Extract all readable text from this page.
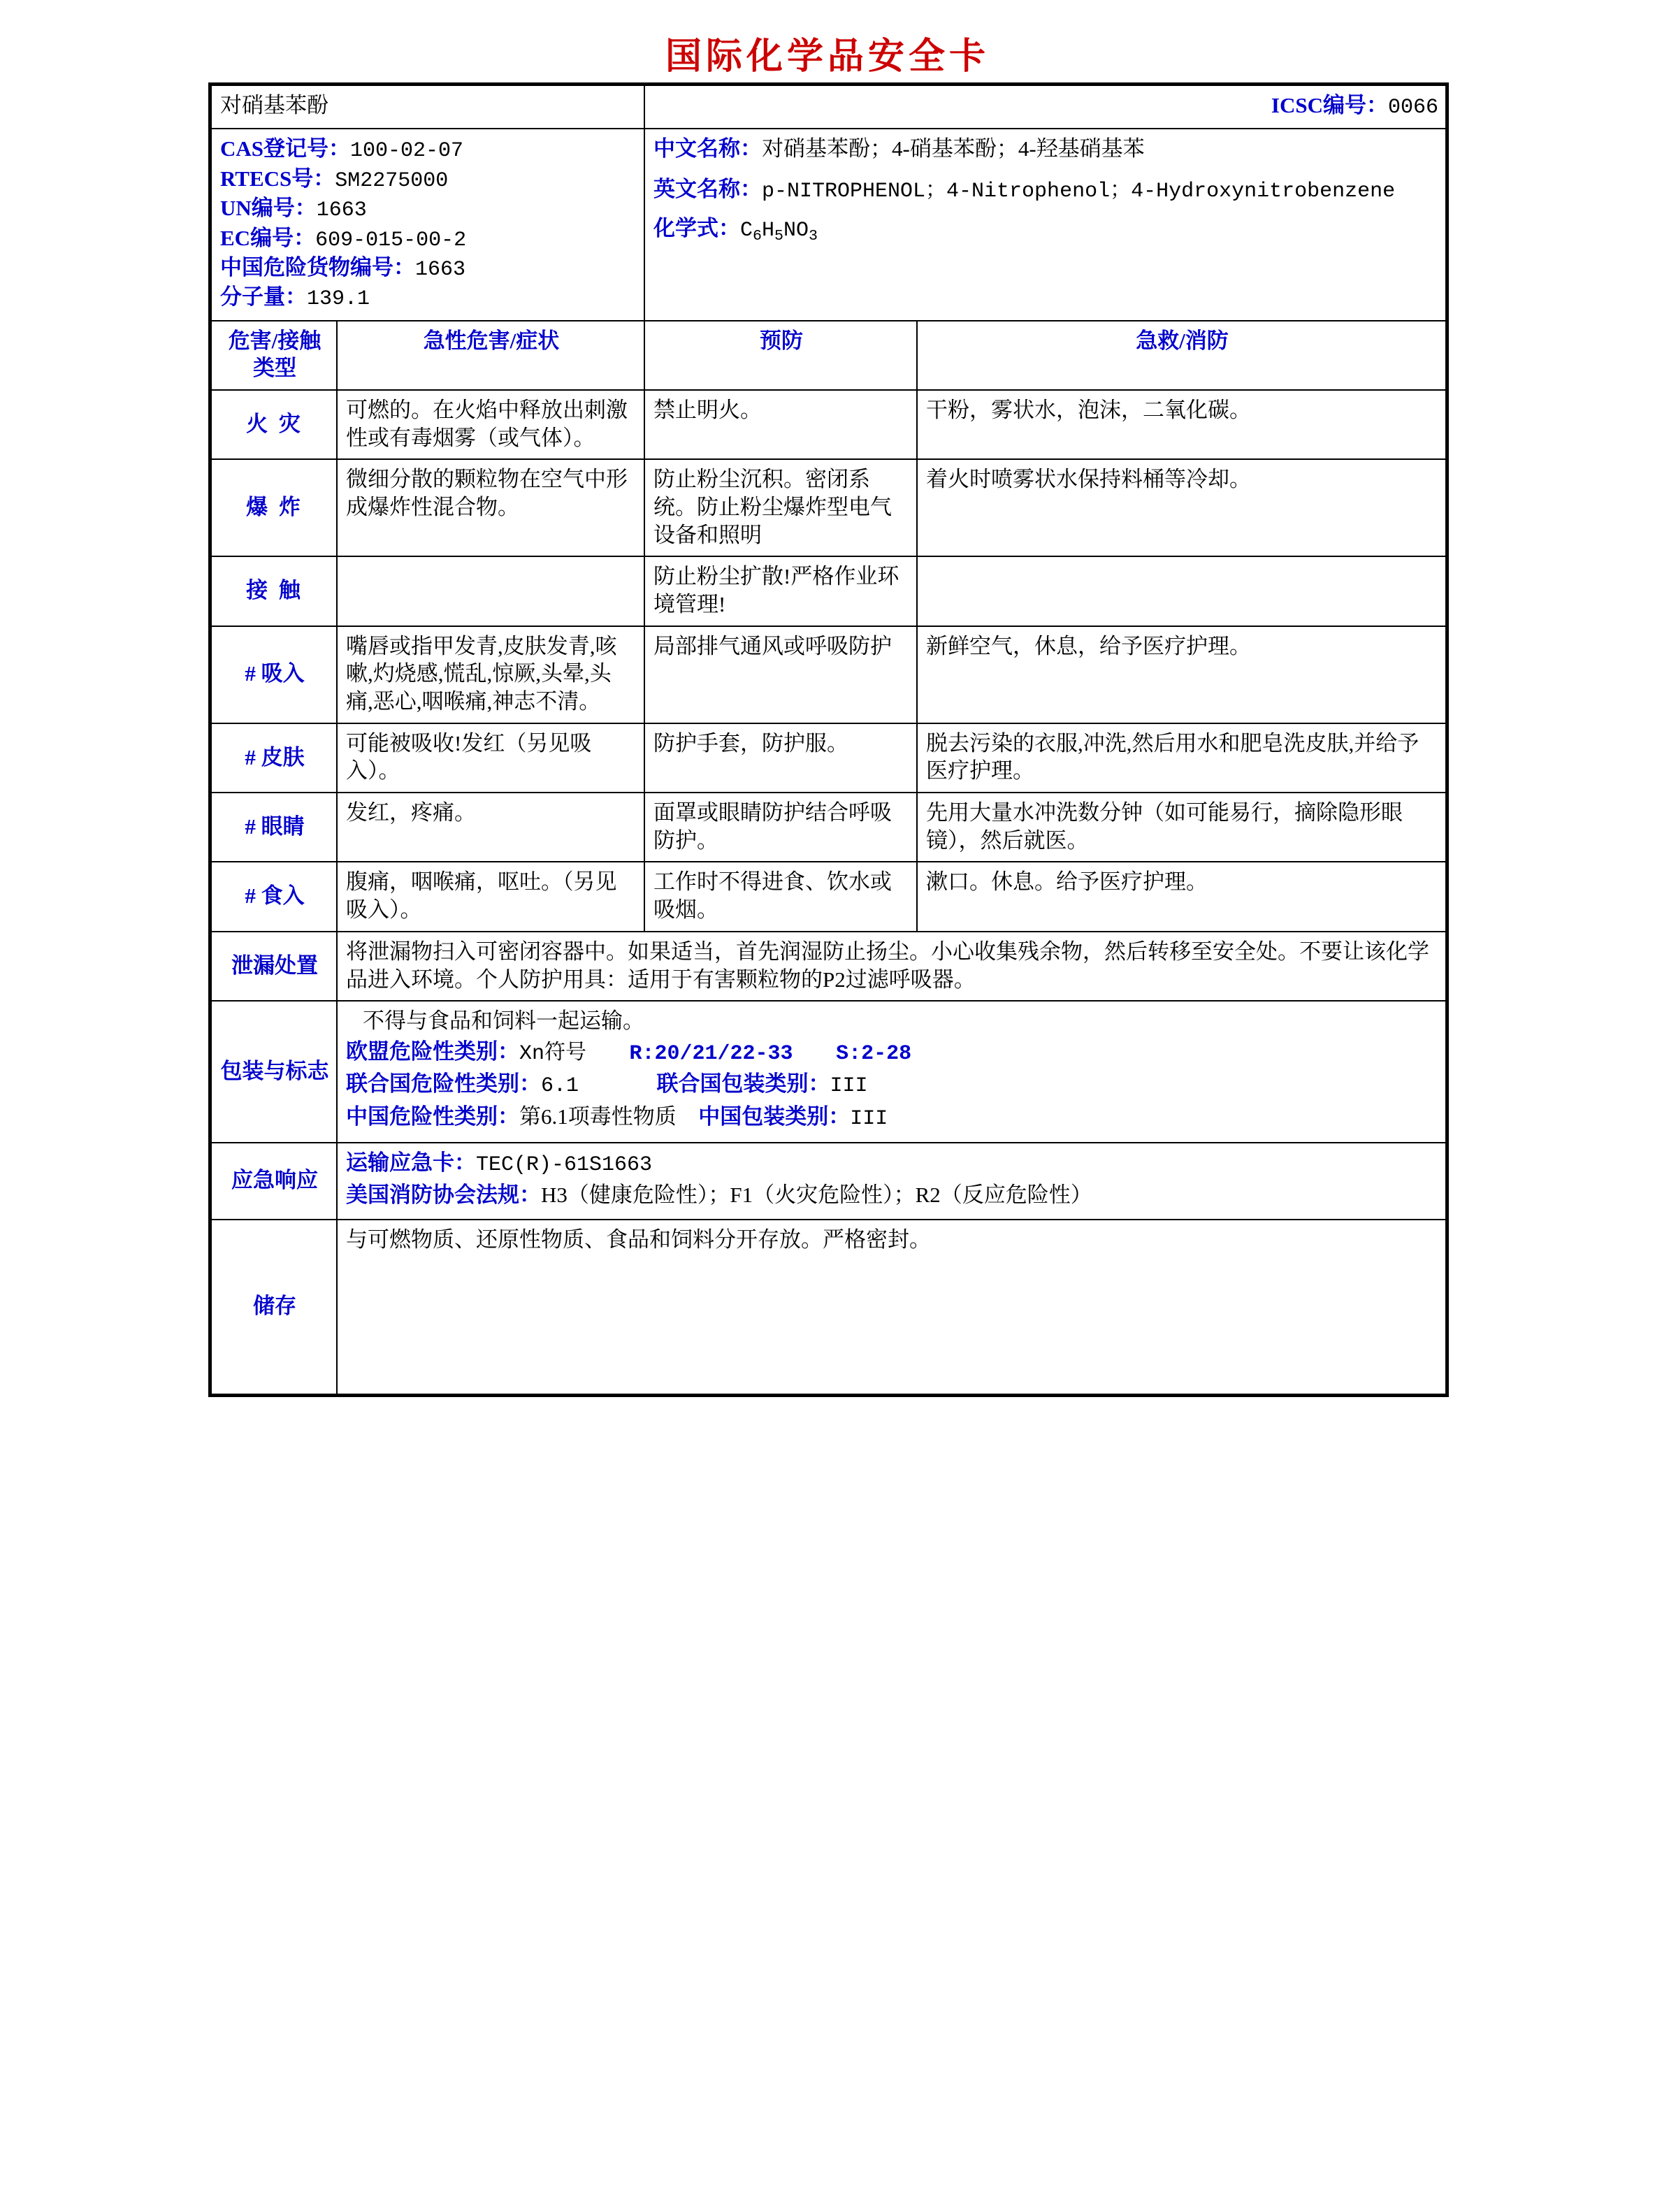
国际化学品安全卡
对硝基苯酚		ICSC编号：0066	

CAS登记号：100-02-07
RTECS号：SM2275000
UN编号：1663
EC编号：609-015-00-2
中国危险货物编号：1663
分子量：139.1

中文名称：对硝基苯酚；4-硝基苯酚；4-羟基硝基苯
英文名称：p-NITROPHENOL；4-Nitrophenol；4-Hydroxynitrobenzene
化学式：$C_6H_5NO_3$

危害/接触类型	急性危害/症状	预防	急救/消防
火 灾	可燃的。在火焰中释放出刺激性或有毒烟雾（或气体）。	禁止明火。	干粉，雾状水，泡沫，二氧化碳。
爆 炸	微细分散的颗粒物在空气中形成爆炸性混合物。	防止粉尘沉积。密闭系统。防止粉尘爆炸型电气设备和照明	着火时喷雾状水保持料桶等冷却。
接 触		防止粉尘扩散!严格作业环境管理!	
# 吸入	嘴唇或指甲发青,皮肤发青,咳嗽,灼烧感,慌乱,惊厥,头晕,头痛,恶心,咽喉痛,神志不清。	局部排气通风或呼吸防护	新鲜空气，休息，给予医疗护理。
# 皮肤	可能被吸收!发红（另见吸入）。	防护手套，防护服。	脱去污染的衣服,冲洗,然后用水和肥皂洗皮肤,并给予医疗护理。
# 眼睛	发红，疼痛。	面罩或眼睛防护结合呼吸防护。	先用大量水冲洗数分钟（如可能易行，摘除隐形眼镜），然后就医。
# 食入	腹痛，咽喉痛，呕吐。（另见吸入）。	工作时不得进食、饮水或吸烟。	漱口。休息。给予医疗护理。
泄漏处置	将泄漏物扫入可密闭容器中。如果适当，首先润湿防止扬尘。小心收集残余物，然后转移至安全处。不要让该化学品进入环境。个人防护用具：适用于有害颗粒物的P2过滤呼吸器。		
包装与标志	不得与食品和饲料一起运输。
欧盟危险性类别：Xn符号 R:20/21/22-33 S:2-28
联合国危险性类别：6.1 联合国包装类别：III
中国危险性类别：第6.1项毒性物质 中国包装类别：III		

应急响应	运输应急卡：TEC(R)-61S1663
美国消防协会法规：H3（健康危险性）；F1（火灾危险性）；R2（反应危险性）		

储存	与可燃物质、还原性物质、食品和饲料分开存放。严格密封。		
